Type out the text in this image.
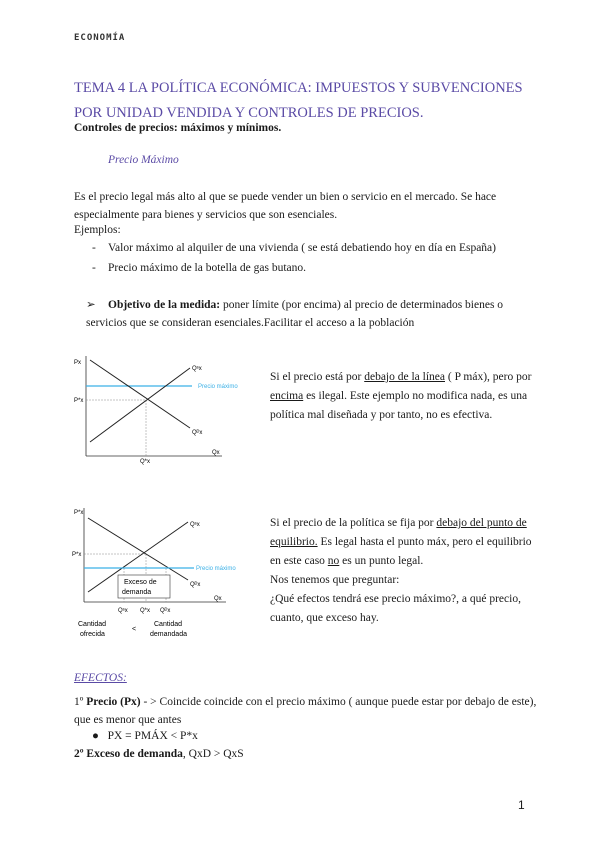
ECONOMÍA
TEMA 4 LA POLÍTICA ECONÓMICA: IMPUESTOS Y SUBVENCIONES POR UNIDAD VENDIDA Y CONTROLES DE PRECIOS.
Controles de precios: máximos y mínimos.
Precio Máximo
Es el precio legal más alto al que se puede vender un bien o servicio en el mercado. Se hace especialmente para bienes y servicios que son esenciales.
Ejemplos:
- Valor máximo al alquiler de una vivienda ( se está debatiendo hoy en día en España)
- Precio máximo de la botella de gas butano.
➢ Objetivo de la medida: poner límite (por encima) al precio de determinados bienes o servicios que se consideran esenciales.Facilitar el acceso a la población
Px
Qx
Precio máximo
Qˢx
Qᴰx
P*x
Q*x
Si el precio está por debajo de la línea ( P máx), pero por encima es ilegal. Este ejemplo no modifica nada, es una política mal diseñada y por tanto, no es efectiva.
P*x
Qx
Precio máximo
Qˢx
Qᴰx
P*x
Exceso de
demanda
Qˢx Q*x Qᴰx
Cantidad
ofrecida
<
Cantidad
demandada
Si el precio de la política se fija por debajo del punto de equilibrio. Es legal hasta el punto máx, pero el equilibrio en este caso no es un punto legal.
Nos tenemos que preguntar:
¿Qué efectos tendrá ese precio máximo?, a qué precio, cuanto, que exceso hay.
EFECTOS:
1º Precio (Px) - > Coincide coincide con el precio máximo ( aunque puede estar por debajo de este), que es menor que antes
●   PX = PMÁX < P*x
2º Exceso de demanda, QxD > QxS
1
